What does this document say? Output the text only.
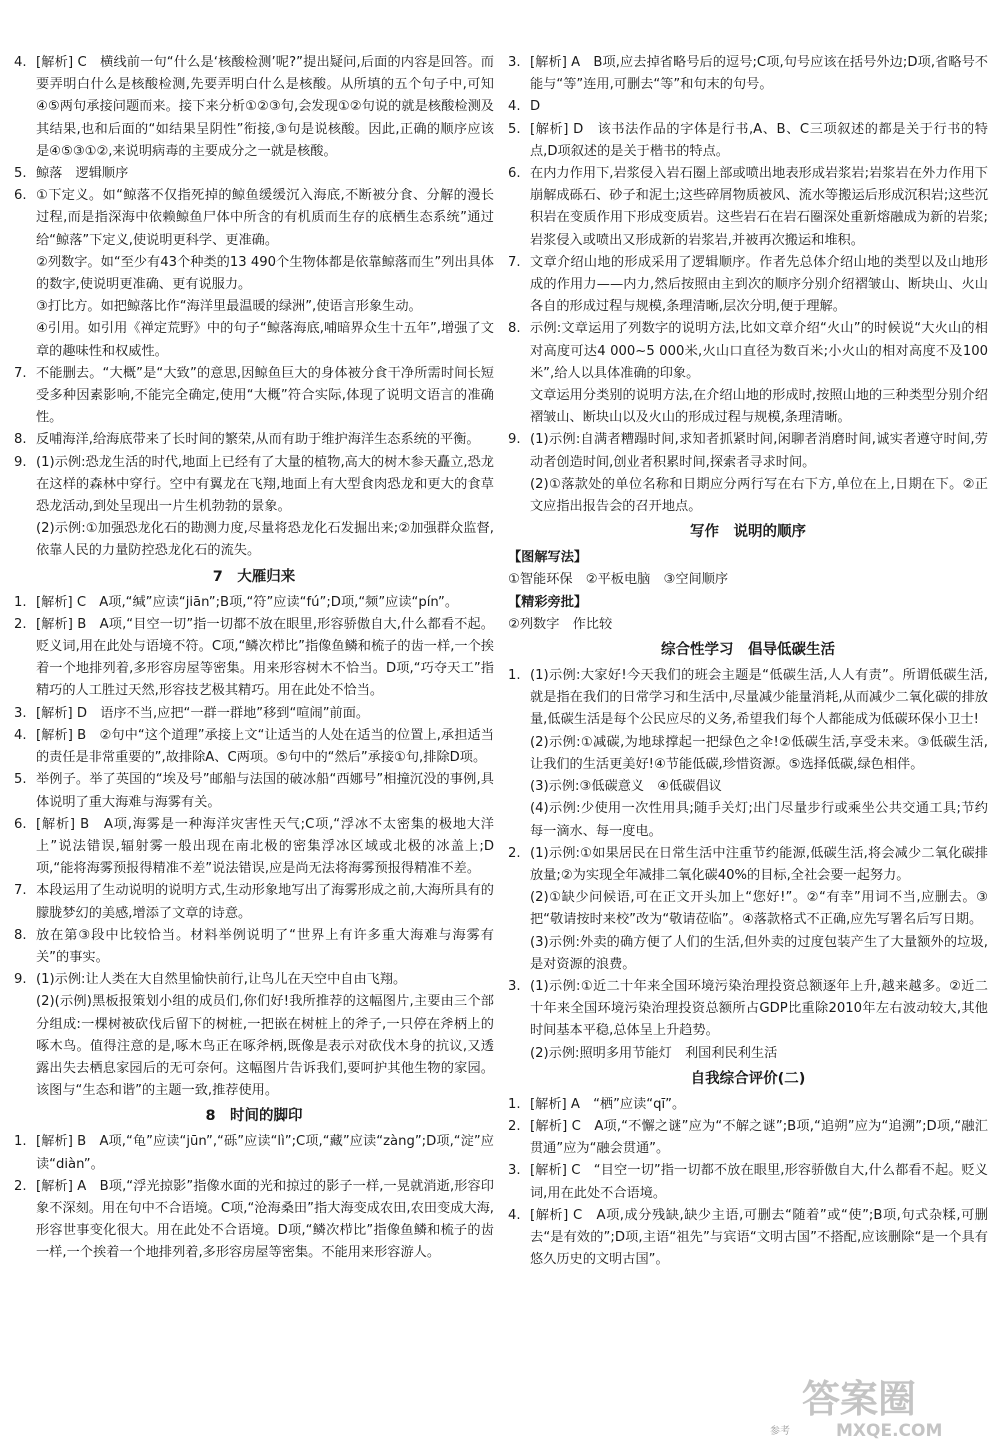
4. [解析] C　横线前一句“什么是‘核酸检测’呢?”提出疑问,后面的内容是回答。而要弄明白什么是核酸检测,先要弄明白什么是核酸。从所填的五个句子中,可知④⑤两句承接问题而来。接下来分析①②③句,会发现①②句说的就是核酸检测及其结果,也和后面的“如结果呈阴性”衔接,③句是说核酸。因此,正确的顺序应该是④⑤③①②,来说明病毒的主要成分之一就是核酸。
5. 鲸落　逻辑顺序
6. ①下定义。如“鲸落不仅指死掉的鲸鱼缓缓沉入海底,不断被分食、分解的漫长过程,而是指深海中依赖鲸鱼尸体中所含的有机质而生存的底栖生态系统”通过给“鲸落”下定义,使说明更科学、更准确。
②列数字。如“至少有43个种类的13 490个生物体都是依靠鲸落而生”列出具体的数字,使说明更准确、更有说服力。
③打比方。如把鲸落比作“海洋里最温暖的绿洲”,使语言形象生动。
④引用。如引用《禅定荒野》中的句子“鲸落海底,哺暗界众生十五年”,增强了文章的趣味性和权威性。
7. 不能删去。“大概”是“大致”的意思,因鲸鱼巨大的身体被分食干净所需时间长短受多种因素影响,不能完全确定,使用“大概”符合实际,体现了说明文语言的准确性。
8. 反哺海洋,给海底带来了长时间的繁荣,从而有助于维护海洋生态系统的平衡。
9. (1)示例:恐龙生活的时代,地面上已经有了大量的植物,高大的树木参天矗立,恐龙在这样的森林中穿行。空中有翼龙在飞翔,地面上有大型食肉恐龙和更大的食草恐龙活动,到处呈现出一片生机勃勃的景象。
(2)示例:①加强恐龙化石的勘测力度,尽量将恐龙化石发掘出来;②加强群众监督,依靠人民的力量防控恐龙化石的流失。
7　大雁归来
1. [解析] C　A项,“缄”应读“jiān”;B项,“符”应读“fú”;D项,“频”应读“pín”。
2. [解析] B　A项,“目空一切”指一切都不放在眼里,形容骄傲自大,什么都看不起。贬义词,用在此处与语境不符。C项,“鳞次栉比”指像鱼鳞和梳子的齿一样,一个挨着一个地排列着,多形容房屋等密集。用来形容树木不恰当。D项,“巧夺天工”指精巧的人工胜过天然,形容技艺极其精巧。用在此处不恰当。
3. [解析] D　语序不当,应把“一群一群地”移到“喧闹”前面。
4. [解析] B　②句中“这个道理”承接上文“让适当的人处在适当的位置上,承担适当的责任是非常重要的”,故排除A、C两项。⑤句中的“然后”承接①句,排除D项。
5. 举例子。举了英国的“埃及号”邮船与法国的破冰船“西娜号”相撞沉没的事例,具体说明了重大海难与海雾有关。
6. [解析] B　A项,海雾是一种海洋灾害性天气;C项,“浮冰不太密集的极地大洋上”说法错误,辐射雾一般出现在南北极的密集浮冰区域或北极的冰盖上;D项,“能将海雾预报得精准不差”说法错误,应是尚无法将海雾预报得精准不差。
7. 本段运用了生动说明的说明方式,生动形象地写出了海雾形成之前,大海所具有的朦胧梦幻的美感,增添了文章的诗意。
8. 放在第③段中比较恰当。材料举例说明了“世界上有许多重大海难与海雾有关”的事实。
9. (1)示例:让人类在大自然里愉快前行,让鸟儿在天空中自由飞翔。
(2)(示例)黑板报策划小组的成员们,你们好!我所推荐的这幅图片,主要由三个部分组成:一棵树被砍伐后留下的树桩,一把嵌在树桩上的斧子,一只停在斧柄上的啄木鸟。值得注意的是,啄木鸟正在啄斧柄,既像是表示对砍伐木身的抗议,又透露出失去栖息家园后的无可奈何。这幅图片告诉我们,要呵护其他生物的家园。该图与“生态和谐”的主题一致,推荐使用。
8　时间的脚印
1. [解析] B　A项,“龟”应读“jūn”,“砾”应读“lì”;C项,“藏”应读“zàng”;D项,“淀”应读“diàn”。
2. [解析] A　B项,“浮光掠影”指像水面的光和掠过的影子一样,一晃就消逝,形容印象不深刻。用在句中不合语境。C项,“沧海桑田”指大海变成农田,农田变成大海,形容世事变化很大。用在此处不合语境。D项,“鳞次栉比”指像鱼鳞和梳子的齿一样,一个挨着一个地排列着,多形容房屋等密集。不能用来形容游人。
3. [解析] A　B项,应去掉省略号后的逗号;C项,句号应该在括号外边;D项,省略号不能与“等”连用,可删去“等”和句末的句号。
4. D
5. [解析] D　该书法作品的字体是行书,A、B、C三项叙述的都是关于行书的特点,D项叙述的是关于楷书的特点。
6. 在内力作用下,岩浆侵入岩石圈上部或喷出地表形成岩浆岩;岩浆岩在外力作用下崩解成砾石、砂子和泥土;这些碎屑物质被风、流水等搬运后形成沉积岩;这些沉积岩在变质作用下形成变质岩。这些岩石在岩石圈深处重新熔融成为新的岩浆;岩浆侵入或喷出又形成新的岩浆岩,并被再次搬运和堆积。
7. 文章介绍山地的形成采用了逻辑顺序。作者先总体介绍山地的类型以及山地形成的作用力——内力,然后按照由主到次的顺序分别介绍褶皱山、断块山、火山各自的形成过程与规模,条理清晰,层次分明,便于理解。
8. 示例:文章运用了列数字的说明方法,比如文章介绍“火山”的时候说“大火山的相对高度可达4 000~5 000米,火山口直径为数百米;小火山的相对高度不及100米”,给人以具体准确的印象。
文章运用分类别的说明方法,在介绍山地的形成时,按照山地的三种类型分别介绍褶皱山、断块山以及火山的形成过程与规模,条理清晰。
9. (1)示例:自满者糟蹋时间,求知者抓紧时间,闲聊者消磨时间,诚实者遵守时间,劳动者创造时间,创业者积累时间,探索者寻求时间。
(2)①落款处的单位名称和日期应分两行写在右下方,单位在上,日期在下。②正文应指出报告会的召开地点。
写作　说明的顺序
【图解写法】
①智能环保　②平板电脑　③空间顺序
【精彩旁批】
②列数字　作比较
综合性学习　倡导低碳生活
1. (1)示例:大家好!今天我们的班会主题是“低碳生活,人人有责”。所谓低碳生活,就是指在我们的日常学习和生活中,尽量减少能量消耗,从而减少二氧化碳的排放量,低碳生活是每个公民应尽的义务,希望我们每个人都能成为低碳环保小卫士!
(2)示例:①减碳,为地球撑起一把绿色之伞!②低碳生活,享受未来。③低碳生活,让我们的生活更美好!④节能低碳,珍惜资源。⑤选择低碳,绿色相伴。
(3)示例:③低碳意义　④低碳倡议
(4)示例:少使用一次性用具;随手关灯;出门尽量步行或乘坐公共交通工具;节约每一滴水、每一度电。
2. (1)示例:①如果居民在日常生活中注重节约能源,低碳生活,将会减少二氧化碳排放量;②为实现全年减排二氧化碳40%的目标,全社会要一起努力。
(2)①缺少问候语,可在正文开头加上“您好!”。②“有幸”用词不当,应删去。③把“敬请按时来校”改为“敬请莅临”。④落款格式不正确,应先写署名后写日期。
(3)示例:外卖的确方便了人们的生活,但外卖的过度包装产生了大量额外的垃圾,是对资源的浪费。
3. (1)示例:①近二十年来全国环境污染治理投资总额逐年上升,越来越多。②近二十年来全国环境污染治理投资总额所占GDP比重除2010年左右波动较大,其他时间基本平稳,总体呈上升趋势。
(2)示例:照明多用节能灯　利国利民利生活
自我综合评价(二)
1. [解析] A　“栖”应读“qī”。
2. [解析] C　A项,“不懈之谜”应为“不解之谜”;B项,“追朔”应为“追溯”;D项,“融汇贯通”应为“融会贯通”。
3. [解析] C　“目空一切”指一切都不放在眼里,形容骄傲自大,什么都看不起。贬义词,用在此处不合语境。
4. [解析] C　A项,成分残缺,缺少主语,可删去“随着”或“使”;B项,句式杂糅,可删去“是有效的”;D项,主语“祖先”与宾语“文明古国”不搭配,应该删除“是一个具有悠久历史的文明古国”。
参考
答案圈
MXQE.COM
